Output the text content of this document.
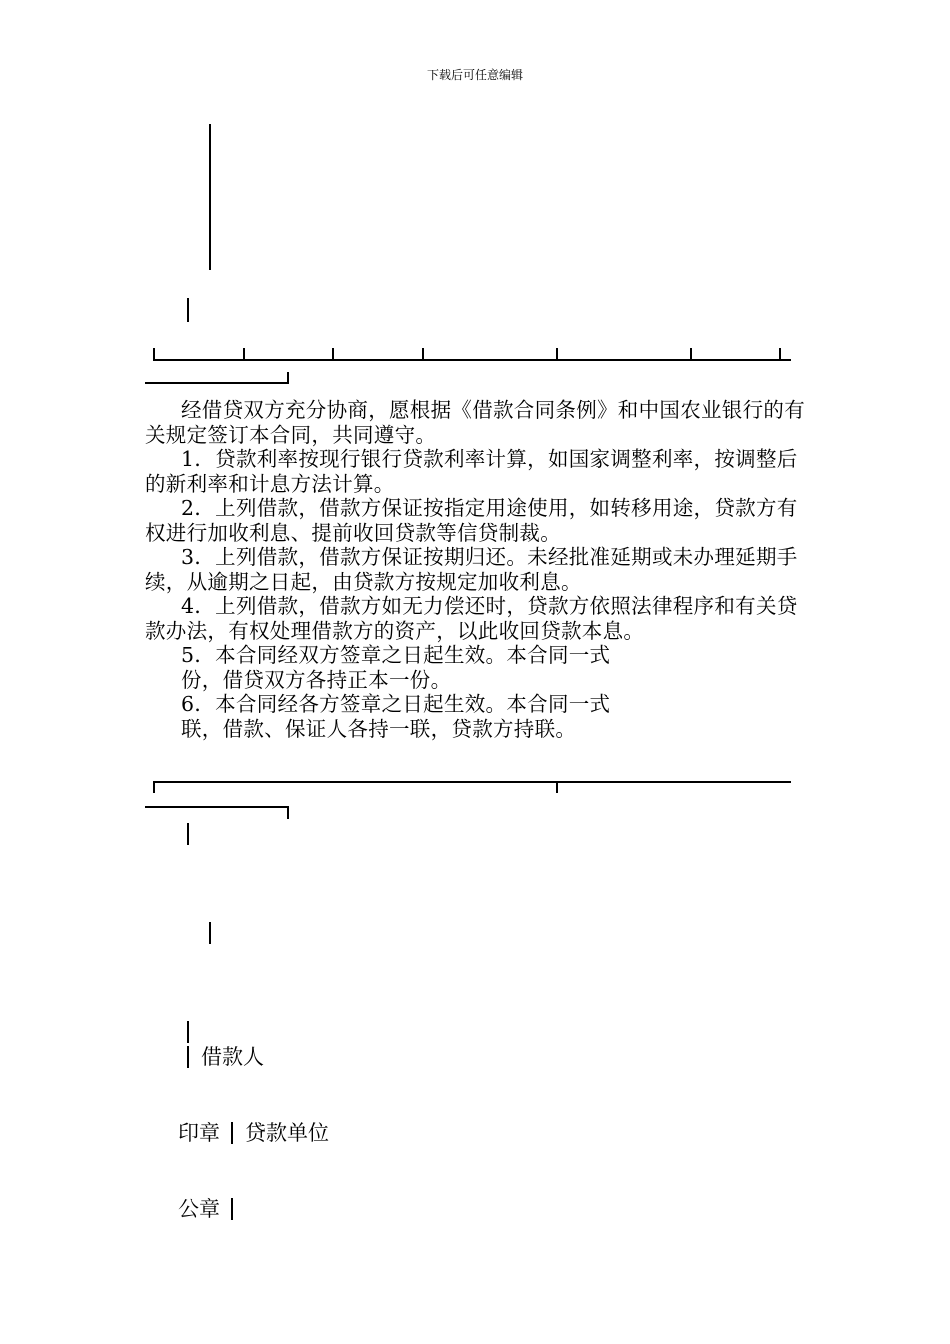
下载后可任意编辑

经借贷双方充分协商，愿根据《借款合同条例》和中国农业银行的有关规定签订本合同，共同遵守。

1．贷款利率按现行银行贷款利率计算，如国家调整利率，按调整后的新利率和计息方法计算。

2．上列借款，借款方保证按指定用途使用，如转移用途，贷款方有权进行加收利息、提前收回贷款等信贷制裁。

3．上列借款，借款方保证按期归还。未经批准延期或未办理延期手续，从逾期之日起，由贷款方按规定加收利息。

4．上列借款，借款方如无力偿还时，贷款方依照法律程序和有关贷款办法，有权处理借款方的资产，以此收回贷款本息。

5．本合同经双方签章之日起生效。本合同一式

份，借贷双方各持正本一份。

6．本合同经各方签章之日起生效。本合同一式

联，借款、保证人各持一联，贷款方持联。

借款人
印章 贷款单位
公章
